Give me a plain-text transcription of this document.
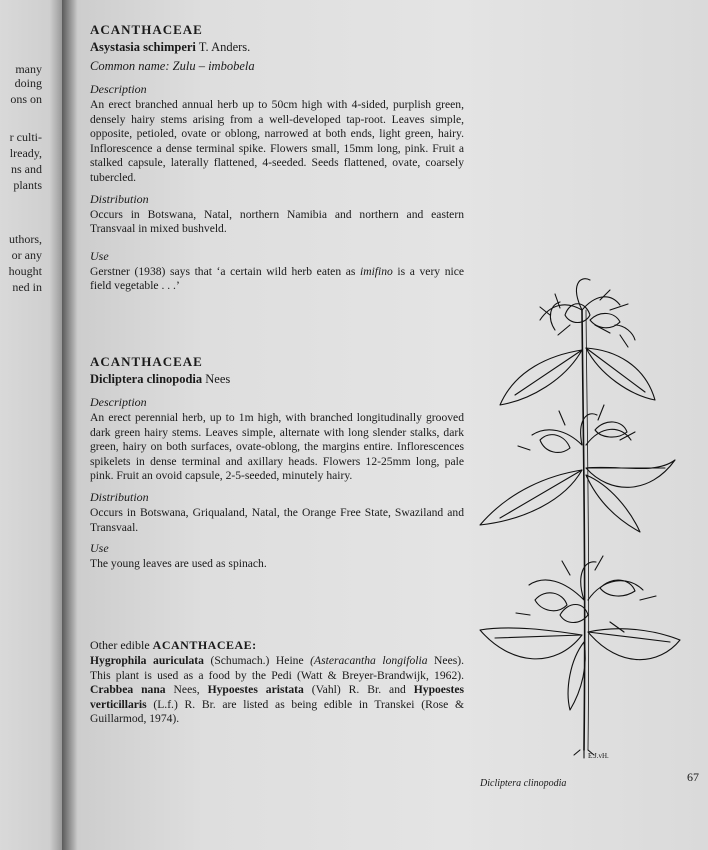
many
doing
ons on
r culti-
lready,
ns and
plants
uthors,
or any
hought
ned in

ACANTHACEAE

Asystasia schimperi T. Anders.

Common name: Zulu – imbobela

Description

An erect branched annual herb up to 50cm high with 4-sided, purplish green, densely hairy stems arising from a well-developed tap-root. Leaves simple, opposite, petioled, ovate or oblong, narrowed at both ends, light green, hairy. Inflorescence a dense terminal spike. Flowers small, 15mm long, pink. Fruit a stalked capsule, laterally flattened, 4-seeded. Seeds flattened, ovate, coarsely tubercled.

Distribution

Occurs in Botswana, Natal, northern Namibia and northern and eastern Transvaal in mixed bushveld.

Use

Gerstner (1938) says that ‘a certain wild herb eaten as imifino is a very nice field vegetable . . .’

ACANTHACEAE

Dicliptera clinopodia Nees

Description

An erect perennial herb, up to 1m high, with branched longitudinally grooved dark green hairy stems. Leaves simple, alternate with long slender stalks, dark green, hairy on both surfaces, ovate-oblong, the margins entire. Inflorescences spikelets in dense terminal and axillary heads. Flowers 12-25mm long, pale pink. Fruit an ovoid capsule, 2-5-seeded, minutely hairy.

Distribution

Occurs in Botswana, Griqualand, Natal, the Orange Free State, Swaziland and Transvaal.

Use

The young leaves are used as spinach.

Other edible ACANTHACEAE:

Hygrophila auriculata (Schumach.) Heine (Asteracantha longifolia Nees). This plant is used as a food by the Pedi (Watt & Breyer-Brandwijk, 1962). Crabbea nana Nees, Hypoestes aristata (Vahl) R. Br. and Hypoestes verticillaris (L.f.) R. Br. are listed as being edible in Transkei (Rose & Guillarmod, 1974).

E.J.vH.
Dicliptera clinopodia	67
